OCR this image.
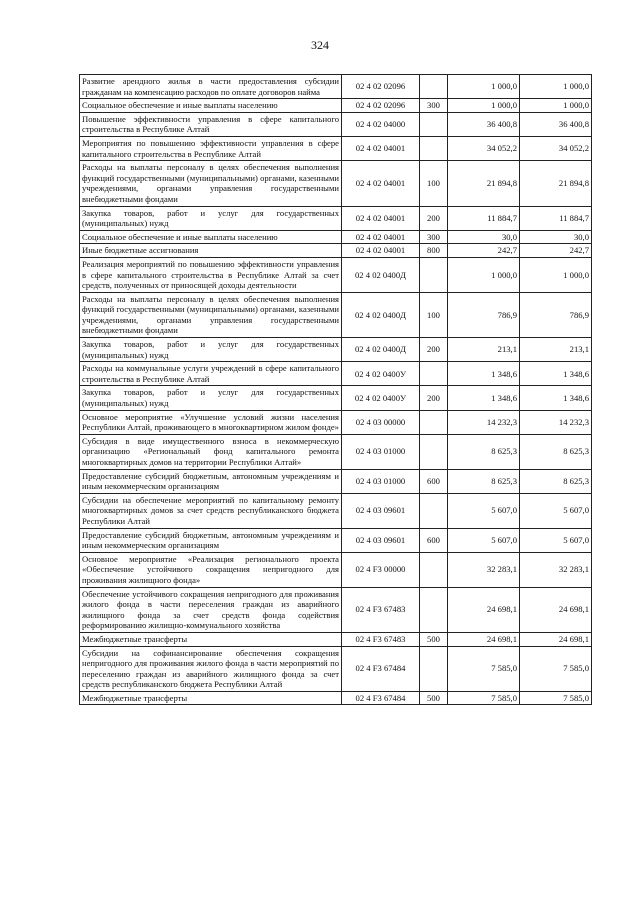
324
Развитие арендного жилья в части предоставления субсидии гражданам на компенсацию расходов по оплате договоров найма	02 4 02 02096		1 000,0	1 000,0
Социальное обеспечение и иные выплаты населению	02 4 02 02096	300	1 000,0	1 000,0
Повышение эффективности управления в сфере капитального строительства в Республике Алтай	02 4 02 04000		36 400,8	36 400,8
Мероприятия по повышению эффективности управления в сфере капитального строительства в Республике Алтай	02 4 02 04001		34 052,2	34 052,2
Расходы на выплаты персоналу в целях обеспечения выполнения функций государственными (муниципальными) органами, казенными учреждениями, органами управления государственными внебюджетными фондами	02 4 02 04001	100	21 894,8	21 894,8
Закупка товаров, работ и услуг для государственных (муниципальных) нужд	02 4 02 04001	200	11 884,7	11 884,7
Социальное обеспечение и иные выплаты населению	02 4 02 04001	300	30,0	30,0
Иные бюджетные ассигнования	02 4 02 04001	800	242,7	242,7
Реализация мероприятий по повышению эффективности управления в сфере капитального строительства в Республике Алтай за счет средств, полученных от приносящей доходы деятельности	02 4 02 0400Д		1 000,0	1 000,0
Расходы на выплаты персоналу в целях обеспечения выполнения функций государственными (муниципальными) органами, казенными учреждениями, органами управления государственными внебюджетными фондами	02 4 02 0400Д	100	786,9	786,9
Закупка товаров, работ и услуг для государственных (муниципальных) нужд	02 4 02 0400Д	200	213,1	213,1
Расходы на коммунальные услуги учреждений в сфере капитального строительства в Республике Алтай	02 4 02 0400У		1 348,6	1 348,6
Закупка товаров, работ и услуг для государственных (муниципальных) нужд	02 4 02 0400У	200	1 348,6	1 348,6
Основное мероприятие «Улучшение условий жизни населения Республики Алтай, проживающего в многоквартирном жилом фонде»	02 4 03 00000		14 232,3	14 232,3
Субсидия в виде имущественного взноса в некоммерческую организацию «Региональный фонд капитального ремонта многоквартирных домов на территории Республики Алтай»	02 4 03 01000		8 625,3	8 625,3
Предоставление субсидий бюджетным, автономным учреждениям и иным некоммерческим организациям	02 4 03 01000	600	8 625,3	8 625,3
Субсидии на обеспечение мероприятий по капитальному ремонту многоквартирных домов за счет средств республиканского бюджета Республики Алтай	02 4 03 09601		5 607,0	5 607,0
Предоставление субсидий бюджетным, автономным учреждениям и иным некоммерческим организациям	02 4 03 09601	600	5 607,0	5 607,0
Основное мероприятие «Реализация регионального проекта «Обеспечение устойчивого сокращения непригодного для проживания жилищного фонда»	02 4 F3 00000		32 283,1	32 283,1
Обеспечение устойчивого сокращения непригодного для проживания жилого фонда в части переселения граждан из аварийного жилищного фонда за счет средств фонда содействия реформированию жилищно-коммунального хозяйства	02 4 F3 67483		24 698,1	24 698,1
Межбюджетные трансферты	02 4 F3 67483	500	24 698,1	24 698,1
Субсидии на софинансирование обеспечения сокращения непригодного для проживания жилого фонда в части мероприятий по переселению граждан из аварийного жилищного фонда за счет средств республиканского бюджета Республики Алтай	02 4 F3 67484		7 585,0	7 585,0
Межбюджетные трансферты	02 4 F3 67484	500	7 585,0	7 585,0
